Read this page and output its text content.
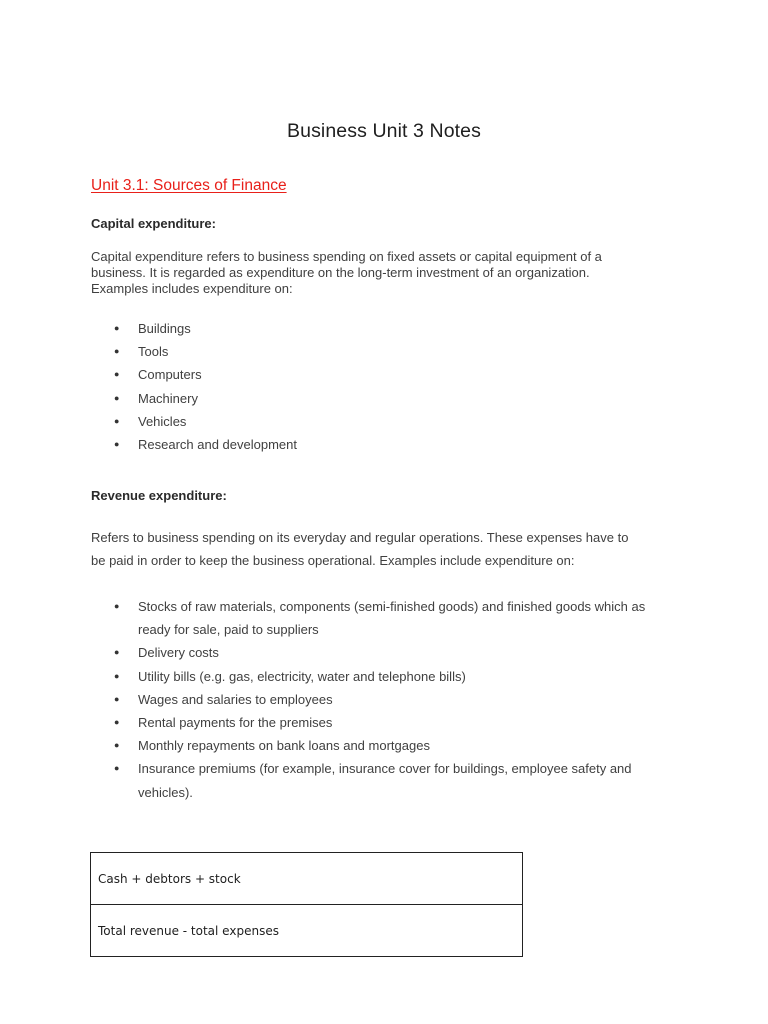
Business Unit 3 Notes
Unit 3.1: Sources of Finance
Capital expenditure:
Capital expenditure refers to business spending on fixed assets or capital equipment of a
business. It is regarded as expenditure on the long-term investment of an organization.
Examples includes expenditure on:
● Buildings
● Tools
● Computers
● Machinery
● Vehicles
● Research and development
Revenue expenditure:
Refers to business spending on its everyday and regular operations. These expenses have to
be paid in order to keep the business operational. Examples include expenditure on:
● Stocks of raw materials, components (semi-finished goods) and finished goods which as ready for sale, paid to suppliers
● Delivery costs
● Utility bills (e.g. gas, electricity, water and telephone bills)
● Wages and salaries to employees
● Rental payments for the premises
● Monthly repayments on bank loans and mortgages
● Insurance premiums (for example, insurance cover for buildings, employee safety and vehicles).
Cash + debtors + stock
Total revenue - total expenses
